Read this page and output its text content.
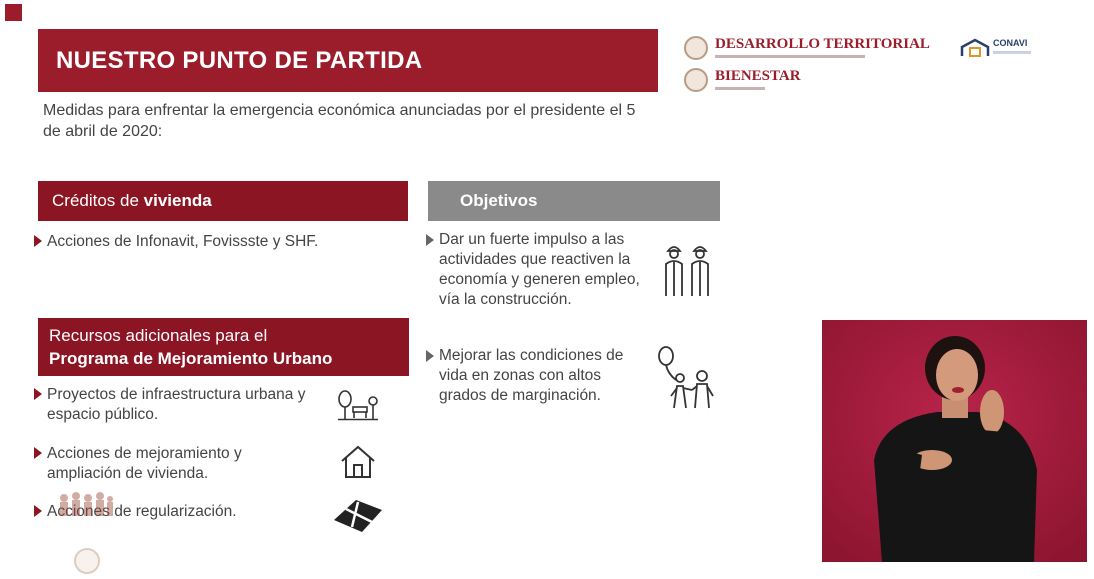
NUESTRO PUNTO DE PARTIDA
Medidas para enfrentar la emergencia económica anunciadas por el presidente el 5 de abril de 2020:
DESARROLLO TERRITORIAL
BIENESTAR
CONAVI
Créditos de vivienda
Acciones de Infonavit, Fovissste y SHF.
Recursos adicionales para el
Programa de Mejoramiento Urbano
Proyectos de infraestructura urbana y espacio público.
Acciones de mejoramiento y ampliación de vivienda.
Acciones de regularización.
Objetivos
Dar un fuerte impulso a las actividades que reactiven la economía y generen empleo, vía la construcción.
Mejorar las condiciones de vida en zonas con altos grados de marginación.
